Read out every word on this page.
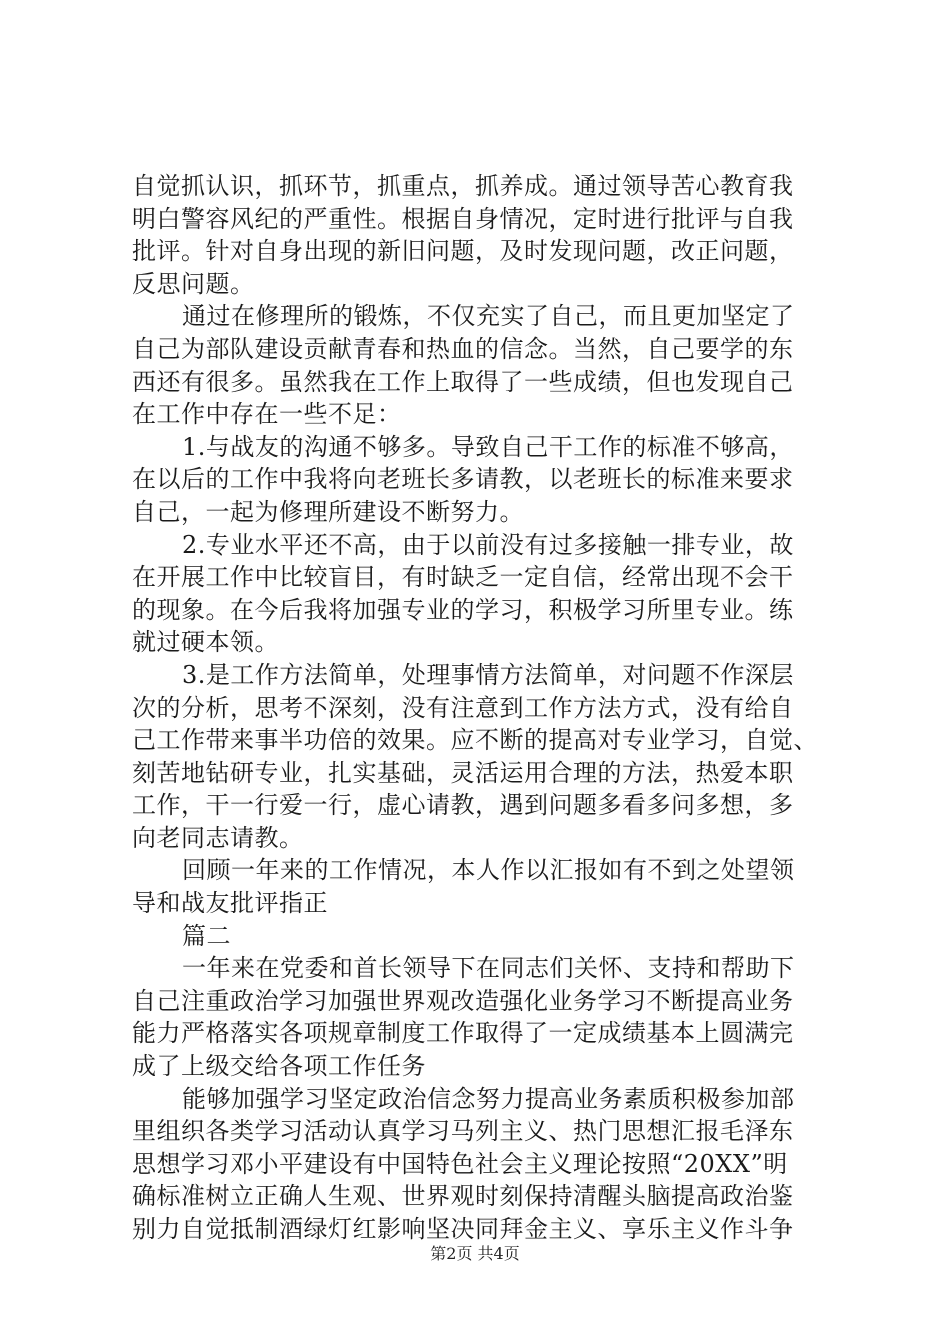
自觉抓认识，抓环节，抓重点，抓养成。通过领导苦心教育我
明白警容风纪的严重性。根据自身情况，定时进行批评与自我
批评。针对自身出现的新旧问题，及时发现问题，改正问题，
反思问题。
通过在修理所的锻炼，不仅充实了自己，而且更加坚定了
自己为部队建设贡献青春和热血的信念。当然，自己要学的东
西还有很多。虽然我在工作上取得了一些成绩，但也发现自己
在工作中存在一些不足：
1.与战友的沟通不够多。导致自己干工作的标准不够高，
在以后的工作中我将向老班长多请教，以老班长的标准来要求
自己，一起为修理所建设不断努力。
2.专业水平还不高，由于以前没有过多接触一排专业，故
在开展工作中比较盲目，有时缺乏一定自信，经常出现不会干
的现象。在今后我将加强专业的学习，积极学习所里专业。练
就过硬本领。
3.是工作方法简单，处理事情方法简单，对问题不作深层
次的分析，思考不深刻，没有注意到工作方法方式，没有给自
己工作带来事半功倍的效果。应不断的提高对专业学习，自觉、
刻苦地钻研专业，扎实基础，灵活运用合理的方法，热爱本职
工作，干一行爱一行，虚心请教，遇到问题多看多问多想，多
向老同志请教。
回顾一年来的工作情况，本人作以汇报如有不到之处望领
导和战友批评指正
篇二
一年来在党委和首长领导下在同志们关怀、支持和帮助下
自己注重政治学习加强世界观改造强化业务学习不断提高业务
能力严格落实各项规章制度工作取得了一定成绩基本上圆满完
成了上级交给各项工作任务
能够加强学习坚定政治信念努力提高业务素质积极参加部
里组织各类学习活动认真学习马列主义、热门思想汇报毛泽东
思想学习邓小平建设有中国特色社会主义理论按照“20XX”明
确标准树立正确人生观、世界观时刻保持清醒头脑提高政治鉴
别力自觉抵制酒绿灯红影响坚决同拜金主义、享乐主义作斗争
第2页 共4页
